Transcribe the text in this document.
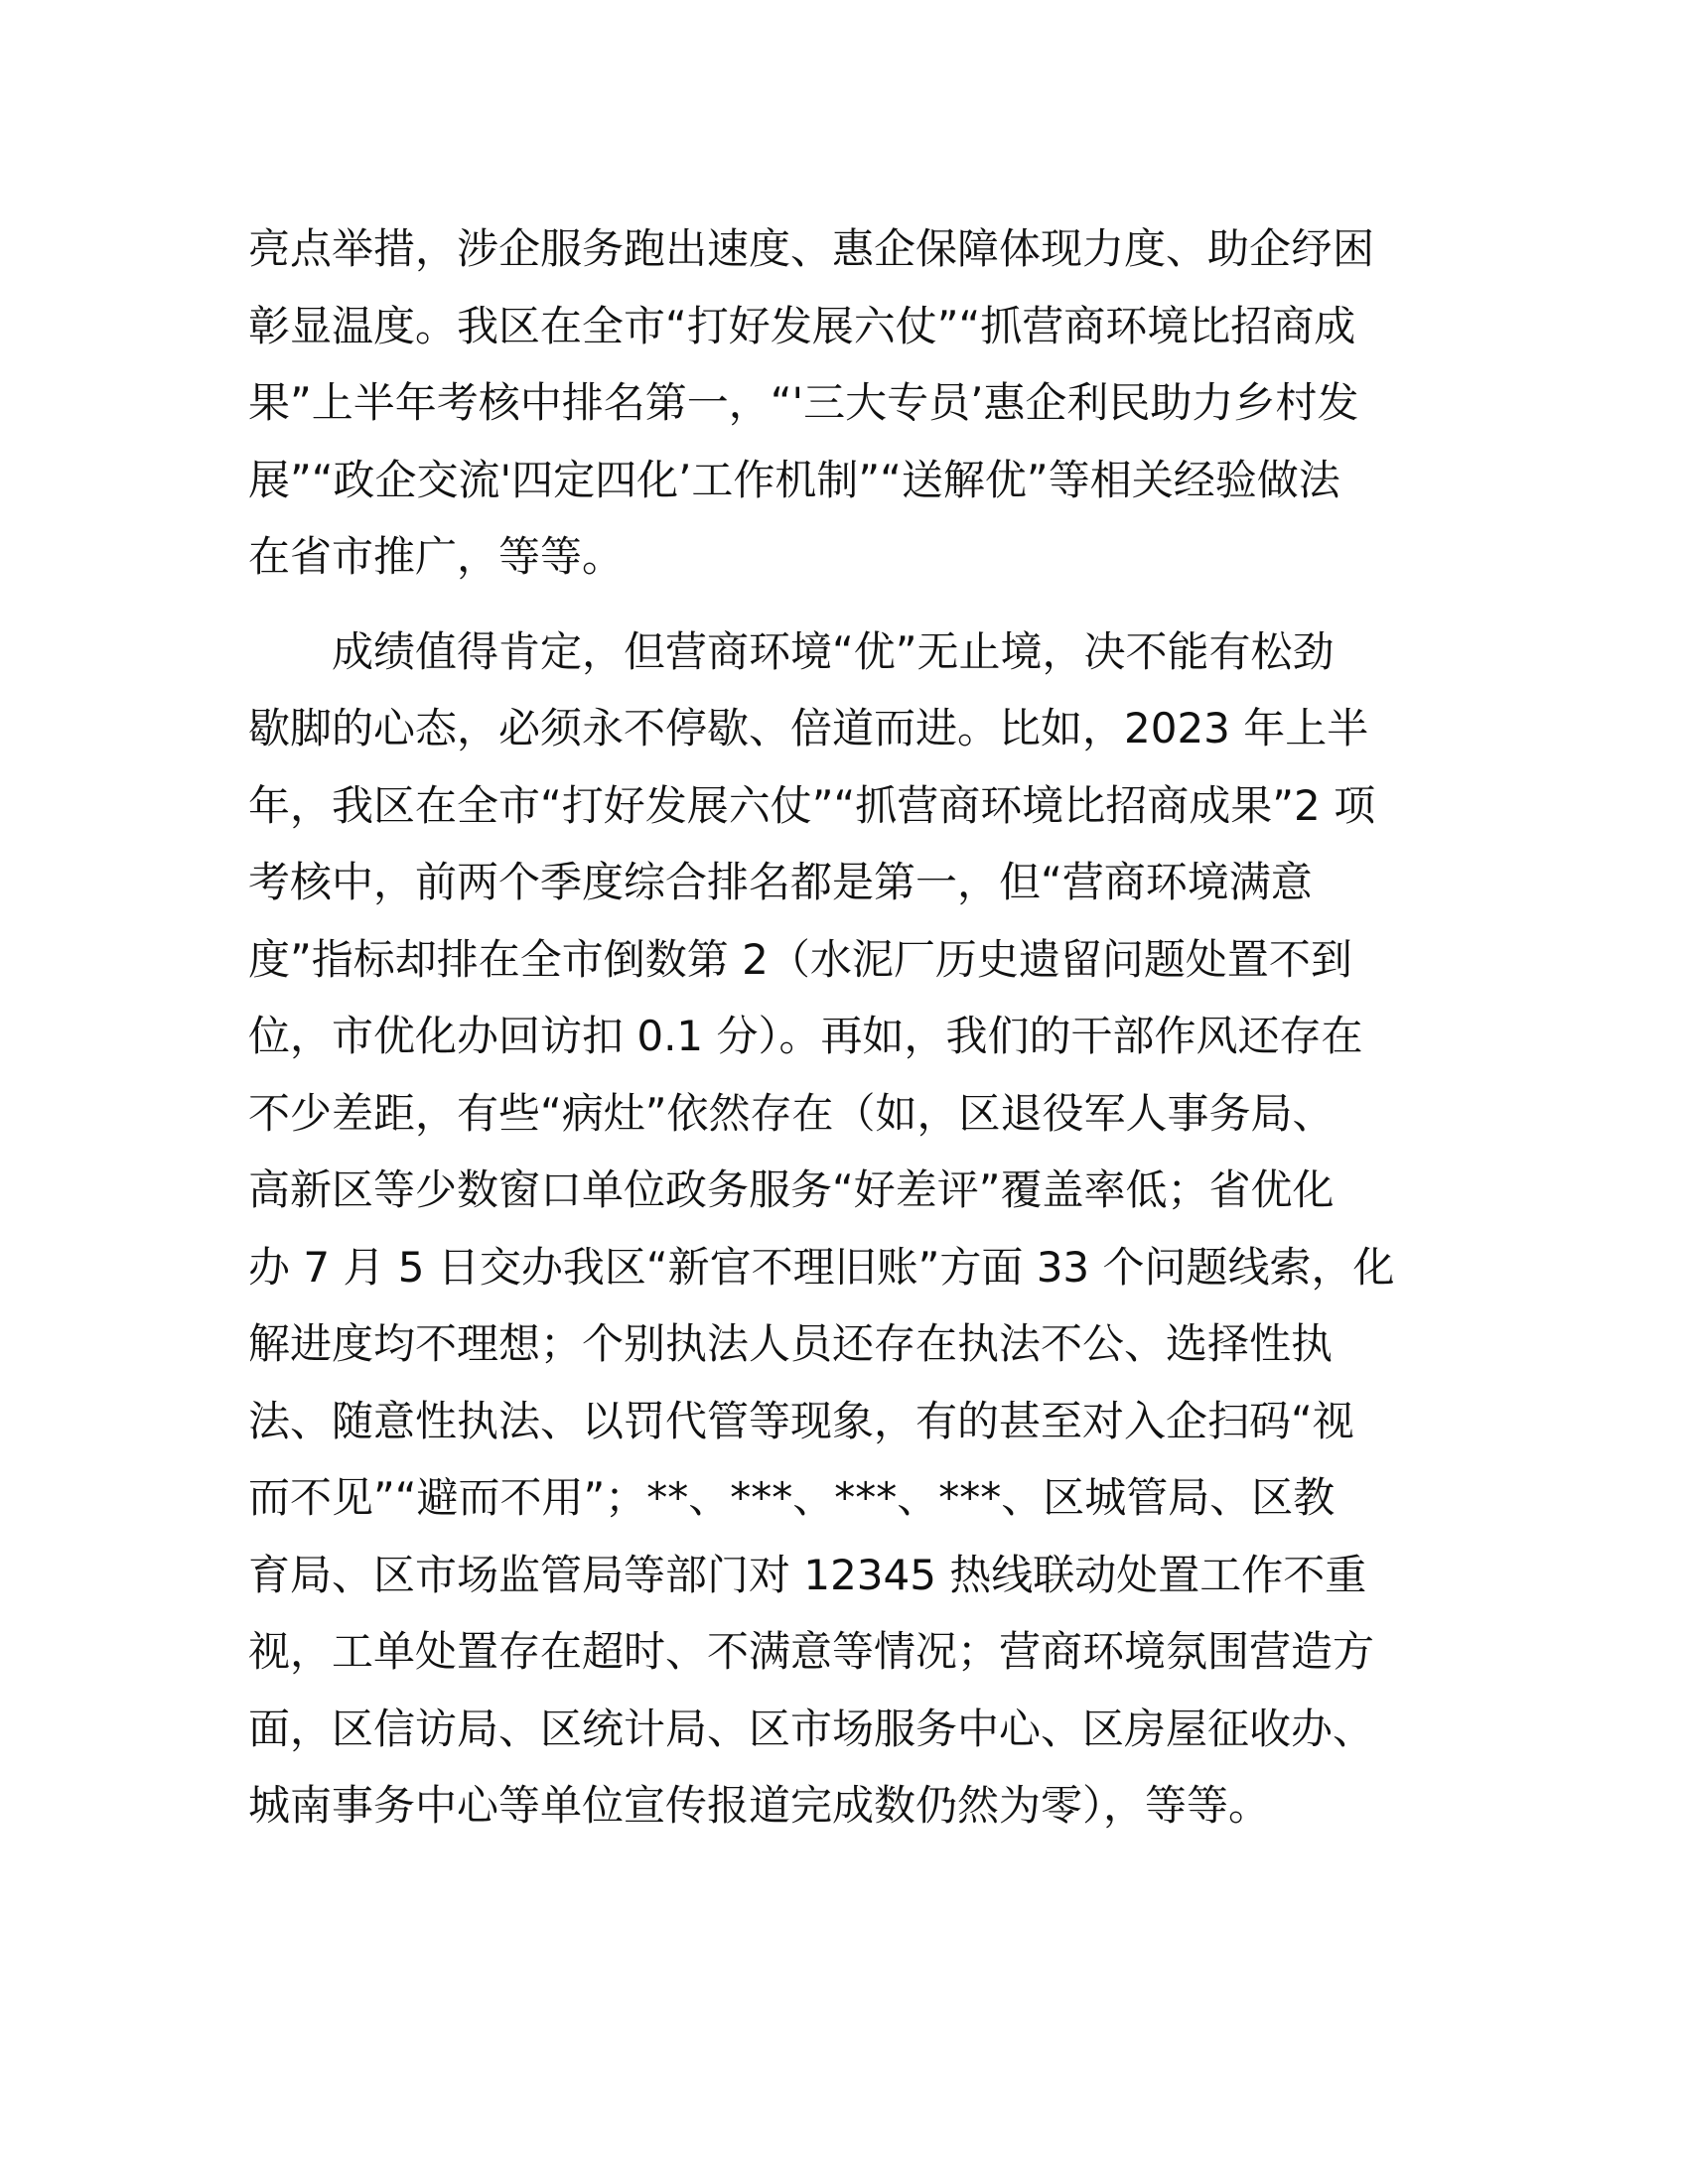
亮点举措，涉企服务跑出速度、惠企保障体现力度、助企纾困
彰显温度。我区在全市“打好发展六仗”“抓营商环境比招商成
果”上半年考核中排名第一，“'三大专员’惠企利民助力乡村发
展”“政企交流'四定四化’工作机制”“送解优”等相关经验做法
在省市推广，等等。
成绩值得肯定，但营商环境“优”无止境，决不能有松劲
歇脚的心态，必须永不停歇、倍道而进。比如，2023 年上半
年，我区在全市“打好发展六仗”“抓营商环境比招商成果”2 项
考核中，前两个季度综合排名都是第一，但“营商环境满意
度”指标却排在全市倒数第 2（水泥厂历史遗留问题处置不到
位，市优化办回访扣 0.1 分）。再如，我们的干部作风还存在
不少差距，有些“病灶”依然存在（如，区退役军人事务局、
高新区等少数窗口单位政务服务“好差评”覆盖率低；省优化
办 7 月 5 日交办我区“新官不理旧账”方面 33 个问题线索，化
解进度均不理想；个别执法人员还存在执法不公、选择性执
法、随意性执法、以罚代管等现象，有的甚至对入企扫码“视
而不见”“避而不用”；**、***、***、***、区城管局、区教
育局、区市场监管局等部门对 12345 热线联动处置工作不重
视，工单处置存在超时、不满意等情况；营商环境氛围营造方
面，区信访局、区统计局、区市场服务中心、区房屋征收办、
城南事务中心等单位宣传报道完成数仍然为零），等等。
